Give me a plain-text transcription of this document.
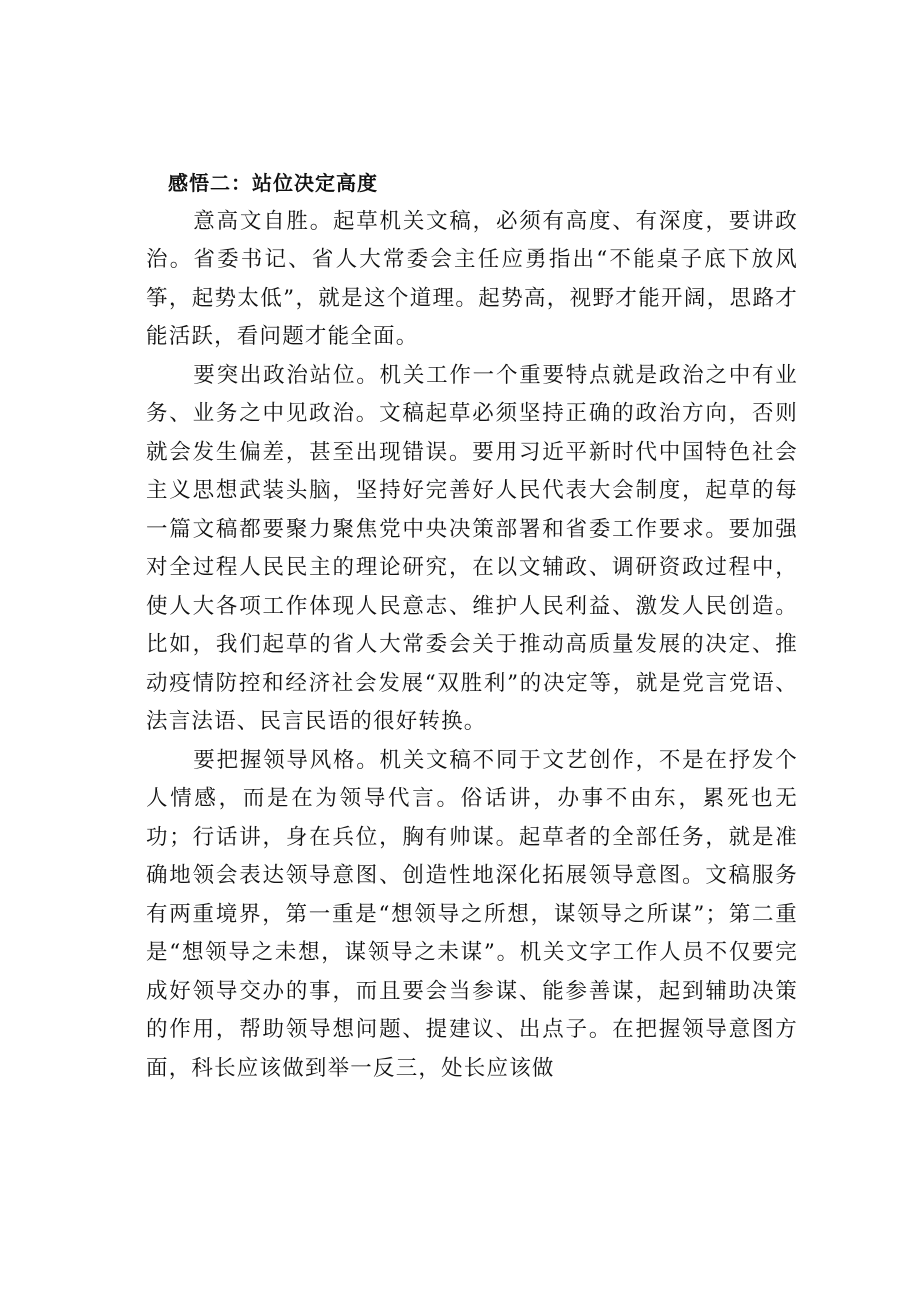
感悟二：站位决定高度

意高文自胜。起草机关文稿，必须有高度、有深度，要讲政治。省委书记、省人大常委会主任应勇指出“不能桌子底下放风筝，起势太低”，就是这个道理。起势高，视野才能开阔，思路才能活跃，看问题才能全面。

要突出政治站位。机关工作一个重要特点就是政治之中有业务、业务之中见政治。文稿起草必须坚持正确的政治方向，否则就会发生偏差，甚至出现错误。要用习近平新时代中国特色社会主义思想武装头脑，坚持好完善好人民代表大会制度，起草的每一篇文稿都要聚力聚焦党中央决策部署和省委工作要求。要加强对全过程人民民主的理论研究，在以文辅政、调研资政过程中，使人大各项工作体现人民意志、维护人民利益、激发人民创造。比如，我们起草的省人大常委会关于推动高质量发展的决定、推动疫情防控和经济社会发展“双胜利”的决定等，就是党言党语、法言法语、民言民语的很好转换。

要把握领导风格。机关文稿不同于文艺创作，不是在抒发个人情感，而是在为领导代言。俗话讲，办事不由东，累死也无功；行话讲，身在兵位，胸有帅谋。起草者的全部任务，就是准确地领会表达领导意图、创造性地深化拓展领导意图。文稿服务有两重境界，第一重是“想领导之所想，谋领导之所谋”；第二重是“想领导之未想，谋领导之未谋”。机关文字工作人员不仅要完成好领导交办的事，而且要会当参谋、能参善谋，起到辅助决策的作用，帮助领导想问题、提建议、出点子。在把握领导意图方面，科长应该做到举一反三，处长应该做
